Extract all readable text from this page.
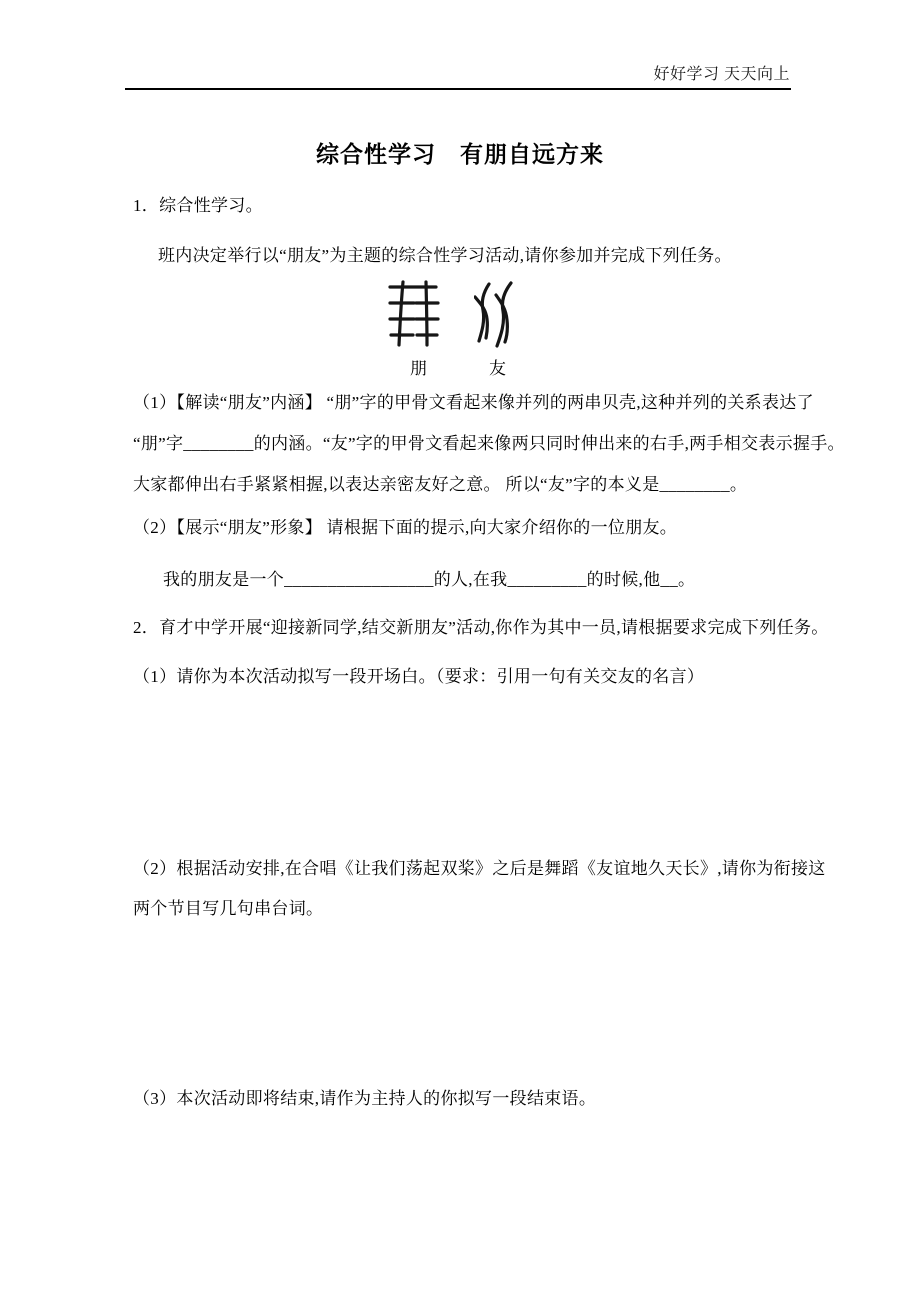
好好学习 天天向上
综合性学习　有朋自远方来
1．综合性学习。
班内决定举行以“朋友”为主题的综合性学习活动,请你参加并完成下列任务。
朋	友
（1）【解读“朋友”内涵】 “朋”字的甲骨文看起来像并列的两串贝壳,这种并列的关系表达了
“朋”字________的内涵。“友”字的甲骨文看起来像两只同时伸出来的右手,两手相交表示握手。
大家都伸出右手紧紧相握,以表达亲密友好之意。 所以“友”字的本义是________。
（2）【展示“朋友”形象】 请根据下面的提示,向大家介绍你的一位朋友。
我的朋友是一个_________________的人,在我_________的时候,他__。
2．育才中学开展“迎接新同学,结交新朋友”活动,你作为其中一员,请根据要求完成下列任务。
（1）请你为本次活动拟写一段开场白。（要求：引用一句有关交友的名言）
（2）根据活动安排,在合唱《让我们荡起双桨》之后是舞蹈《友谊地久天长》,请你为衔接这
两个节目写几句串台词。
（3）本次活动即将结束,请作为主持人的你拟写一段结束语。
